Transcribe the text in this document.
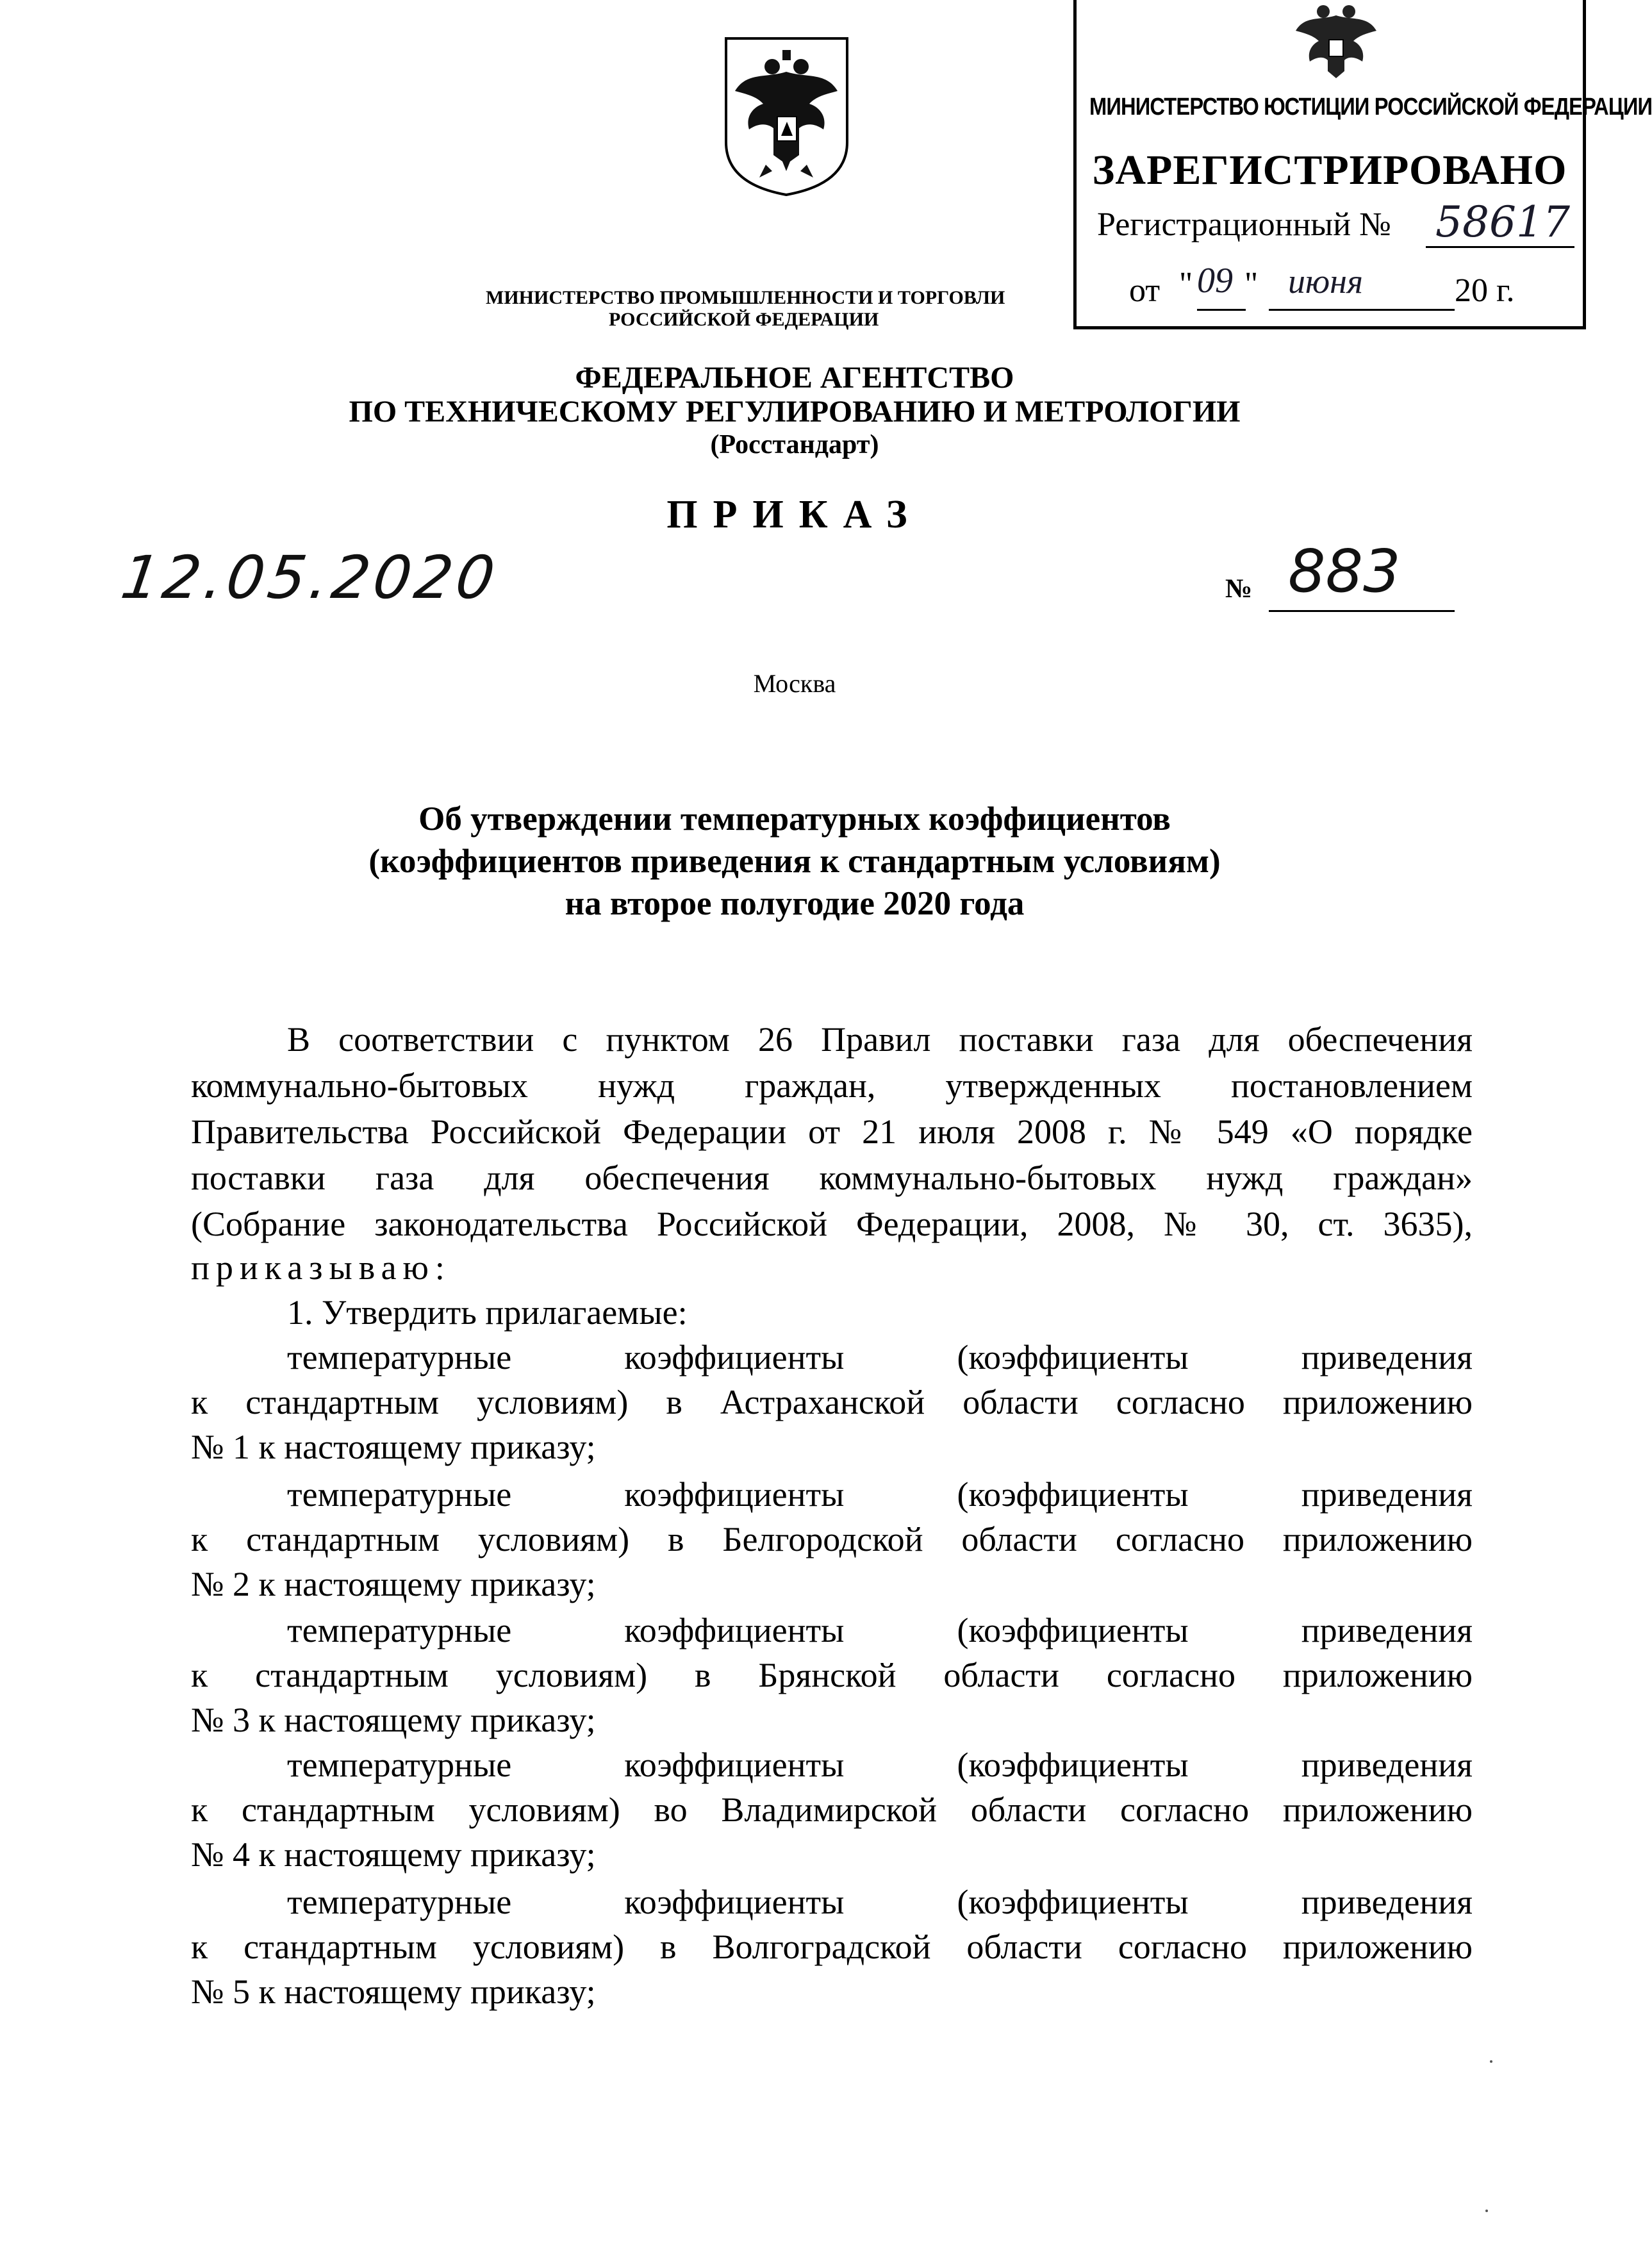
МИНИСТЕРСТВО ЮСТИЦИИ РОССИЙСКОЙ ФЕДЕРАЦИИ
ЗАРЕГИСТРИРОВАНО
Регистрационный № 58617
от " 09 " июня	20 г.
МИНИСТЕРСТВО ПРОМЫШЛЕННОСТИ И ТОРГОВЛИ
РОССИЙСКОЙ ФЕДЕРАЦИИ
ФЕДЕРАЛЬНОЕ АГЕНТСТВО
ПО ТЕХНИЧЕСКОМУ РЕГУЛИРОВАНИЮ И МЕТРОЛОГИИ
(Росстандарт)
ПРИКАЗ
12.05.2020	№ 883
Москва
Об утверждении температурных коэффициентов
(коэффициентов приведения к стандартным условиям)
на второе полугодие 2020 года
В соответствии с пунктом 26 Правил поставки газа для обеспечения
коммунально-бытовых нужд граждан, утвержденных постановлением
Правительства Российской Федерации от 21 июля 2008 г. № 549 «О порядке
поставки газа для обеспечения коммунально-бытовых нужд граждан»
(Собрание законодательства Российской Федерации, 2008, № 30, ст. 3635),
приказываю:
1. Утвердить прилагаемые:
температурные коэффициенты (коэффициенты приведения
к стандартным условиям) в Астраханской области согласно приложению
№ 1 к настоящему приказу;
температурные коэффициенты (коэффициенты приведения
к стандартным условиям) в Белгородской области согласно приложению
№ 2 к настоящему приказу;
температурные коэффициенты (коэффициенты приведения
к стандартным условиям) в Брянской области согласно приложению
№ 3 к настоящему приказу;
температурные коэффициенты (коэффициенты приведения
к стандартным условиям) во Владимирской области согласно приложению
№ 4 к настоящему приказу;
температурные коэффициенты (коэффициенты приведения
к стандартным условиям) в Волгоградской области согласно приложению
№ 5 к настоящему приказу;
